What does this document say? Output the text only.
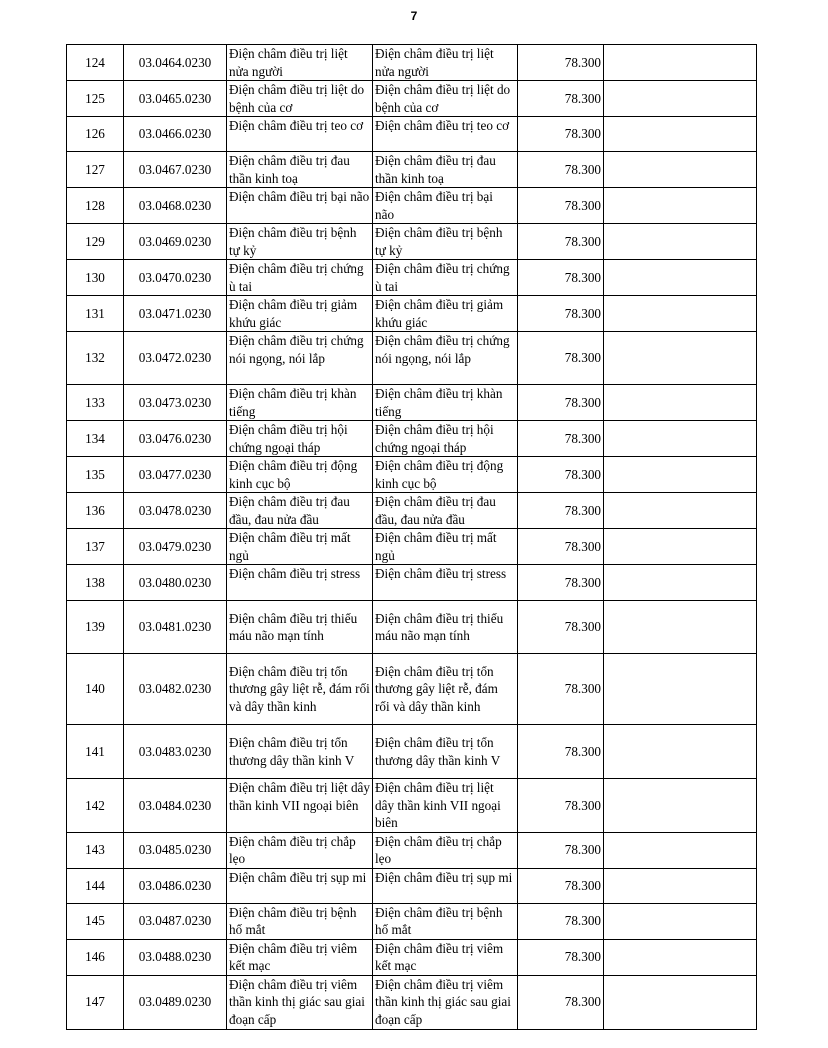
7
124	03.0464.0230	Điện châm điều trị liệt nửa người	Điện châm điều trị liệt nửa người	78.300	
125	03.0465.0230	Điện châm điều trị liệt do bệnh của cơ	Điện châm điều trị liệt do bệnh của cơ	78.300	
126	03.0466.0230	Điện châm điều trị teo cơ	Điện châm điều trị teo cơ	78.300	
127	03.0467.0230	Điện châm điều trị đau thần kinh toạ	Điện châm điều trị đau thần kinh toạ	78.300	
128	03.0468.0230	Điện châm điều trị bại não	Điện châm điều trị bại não	78.300	
129	03.0469.0230	Điện châm điều trị bệnh tự kỷ	Điện châm điều trị bệnh tự kỷ	78.300	
130	03.0470.0230	Điện châm điều trị chứng ù tai	Điện châm điều trị chứng ù tai	78.300	
131	03.0471.0230	Điện châm điều trị giảm khứu giác	Điện châm điều trị giảm khứu giác	78.300	
132	03.0472.0230	Điện châm điều trị chứng nói ngọng, nói lắp	Điện châm điều trị chứng nói ngọng, nói lắp	78.300	
133	03.0473.0230	Điện châm điều trị khàn tiếng	Điện châm điều trị khàn tiếng	78.300	
134	03.0476.0230	Điện châm điều trị hội chứng ngoại tháp	Điện châm điều trị hội chứng ngoại tháp	78.300	
135	03.0477.0230	Điện châm điều trị động kinh cục bộ	Điện châm điều trị động kinh cục bộ	78.300	
136	03.0478.0230	Điện châm điều trị đau đầu, đau nửa đầu	Điện châm điều trị đau đầu, đau nửa đầu	78.300	
137	03.0479.0230	Điện châm điều trị mất ngủ	Điện châm điều trị mất ngủ	78.300	
138	03.0480.0230	Điện châm điều trị stress	Điện châm điều trị stress	78.300	
139	03.0481.0230	Điện châm điều trị thiếu máu não mạn tính	Điện châm điều trị thiếu máu não mạn tính	78.300	
140	03.0482.0230	Điện châm điều trị tổn thương gây liệt rễ, đám rối và dây thần kinh	Điện châm điều trị tổn thương gây liệt rễ, đám rối và dây thần kinh	78.300	
141	03.0483.0230	Điện châm điều trị tổn thương dây thần kinh V	Điện châm điều trị tổn thương dây thần kinh V	78.300	
142	03.0484.0230	Điện châm điều trị liệt dây thần kinh VII ngoại biên	Điện châm điều trị liệt dây thần kinh VII ngoại biên	78.300	
143	03.0485.0230	Điện châm điều trị chắp lẹo	Điện châm điều trị chắp lẹo	78.300	
144	03.0486.0230	Điện châm điều trị sụp mi	Điện châm điều trị sụp mi	78.300	
145	03.0487.0230	Điện châm điều trị bệnh hố mắt	Điện châm điều trị bệnh hố mắt	78.300	
146	03.0488.0230	Điện châm điều trị viêm kết mạc	Điện châm điều trị viêm kết mạc	78.300	
147	03.0489.0230	Điện châm điều trị viêm thần kinh thị giác sau giai đoạn cấp	Điện châm điều trị viêm thần kinh thị giác sau giai đoạn cấp	78.300	
